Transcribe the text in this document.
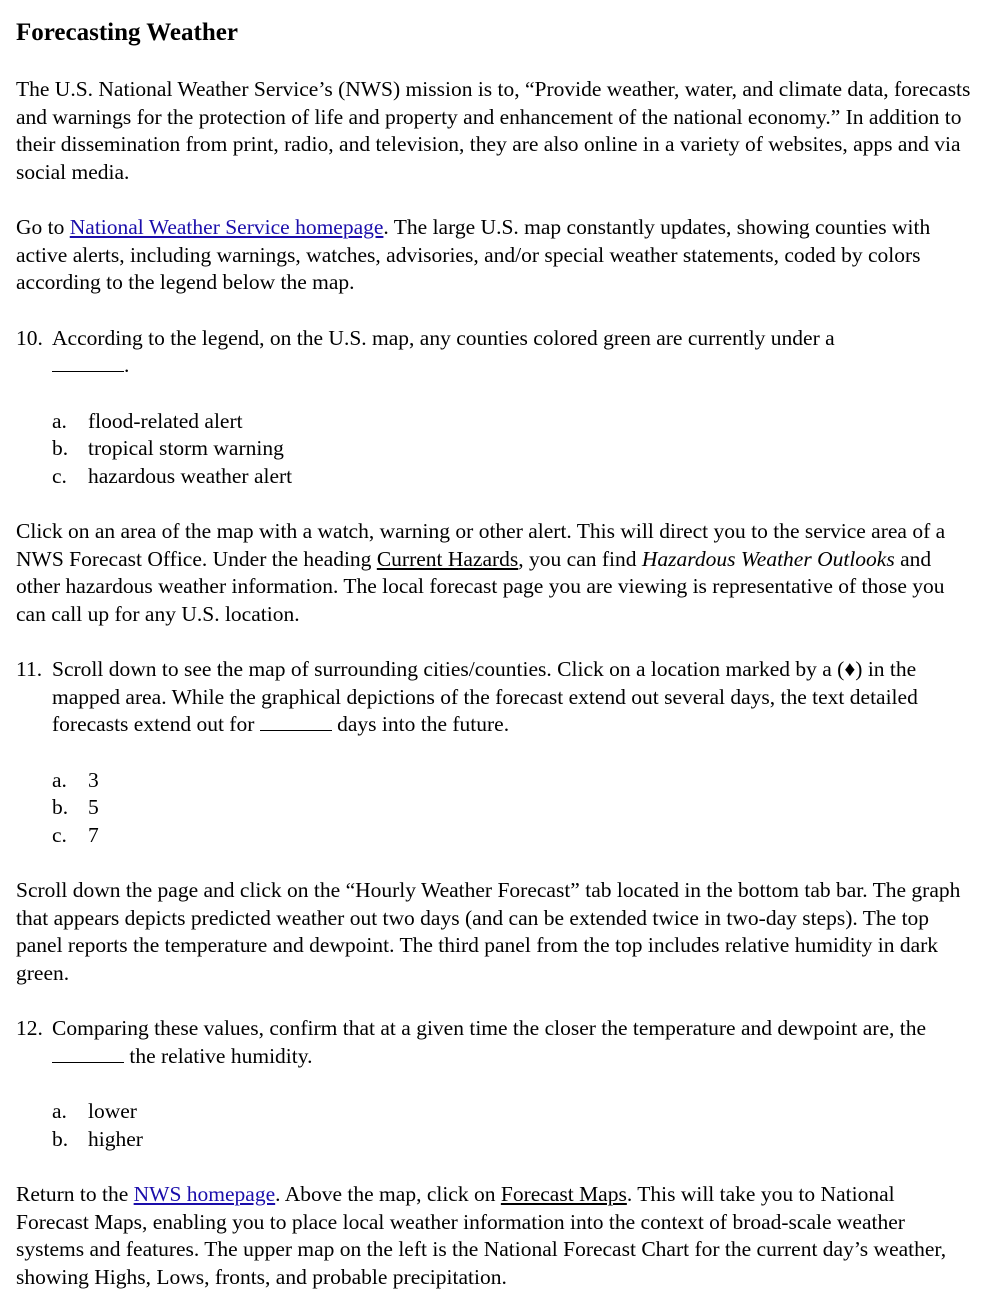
Forecasting Weather

The U.S. National Weather Service’s (NWS) mission is to, “Provide weather, water, and climate data, forecasts and warnings for the protection of life and property and enhancement of the national economy.” In addition to their dissemination from print, radio, and television, they are also online in a variety of websites, apps and via social media.

Go to National Weather Service homepage. The large U.S. map constantly updates, showing counties with active alerts, including warnings, watches, advisories, and/or special weather statements, coded by colors according to the legend below the map.

10. According to the legend, on the U.S. map, any counties colored green are currently under a
.
a. flood-related alert
b. tropical storm warning
c. hazardous weather alert

Click on an area of the map with a watch, warning or other alert. This will direct you to the service area of a NWS Forecast Office. Under the heading Current Hazards, you can find Hazardous Weather Outlooks and other hazardous weather information. The local forecast page you are viewing is representative of those you can call up for any U.S. location.

11. Scroll down to see the map of surrounding cities/counties. Click on a location marked by a (♦) in the mapped area. While the graphical depictions of the forecast extend out several days, the text detailed forecasts extend out for	days into the future.
a. 3
b. 5
c. 7

Scroll down the page and click on the “Hourly Weather Forecast” tab located in the bottom tab bar. The graph that appears depicts predicted weather out two days (and can be extended twice in two-day steps). The top panel reports the temperature and dewpoint. The third panel from the top includes relative humidity in dark green.

12. Comparing these values, confirm that at a given time the closer the temperature and dewpoint are, the  the relative humidity.
a. lower
b. higher

Return to the NWS homepage. Above the map, click on Forecast Maps. This will take you to National Forecast Maps, enabling you to place local weather information into the context of broad-scale weather systems and features. The upper map on the left is the National Forecast Chart for the current day’s weather, showing Highs, Lows, fronts, and probable precipitation.
